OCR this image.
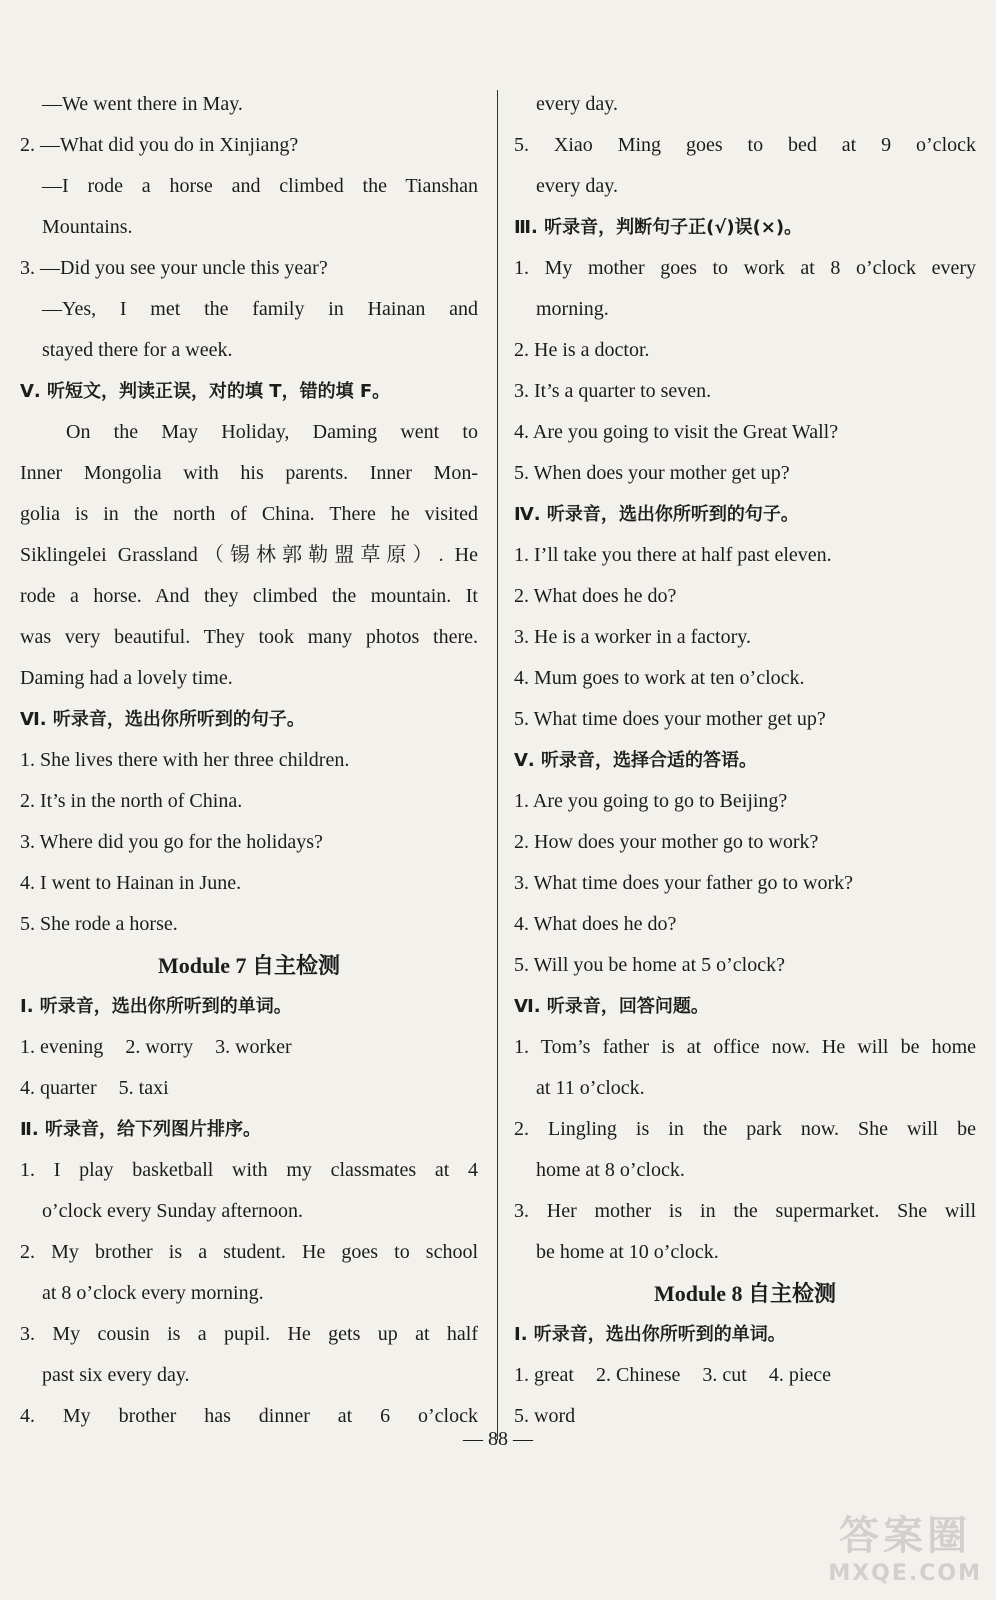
—We went there in May.
2. —What did you do in Xinjiang?
—I rode a horse and climbed the Tianshan
Mountains.
3. —Did you see your uncle this year?
—Yes, I met the family in Hainan and
stayed there for a week.
Ⅴ. 听短文，判读正误，对的填 T，错的填 F。
On the May Holiday, Daming went to
Inner Mongolia with his parents. Inner Mon-
golia is in the north of China. There he visited
Siklingelei Grassland（锡林郭勒盟草原）. He
rode a horse. And they climbed the mountain. It
was very beautiful. They took many photos there.
Daming had a lovely time.
Ⅵ. 听录音，选出你所听到的句子。
1. She lives there with her three children.
2. It’s in the north of China.
3. Where did you go for the holidays?
4. I went to Hainan in June.
5. She rode a horse.
Module 7 自主检测
Ⅰ. 听录音，选出你所听到的单词。
1. evening 2. worry 3. worker
4. quarter 5. taxi
Ⅱ. 听录音，给下列图片排序。
1. I play basketball with my classmates at 4
o’clock every Sunday afternoon.
2. My brother is a student. He goes to school
at 8 o’clock every morning.
3. My cousin is a pupil. He gets up at half
past six every day.
4. My brother has dinner at 6 o’clock
every day.
5. Xiao Ming goes to bed at 9 o’clock
every day.
Ⅲ. 听录音，判断句子正(√)误(×)。
1. My mother goes to work at 8 o’clock every
morning.
2. He is a doctor.
3. It’s a quarter to seven.
4. Are you going to visit the Great Wall?
5. When does your mother get up?
Ⅳ. 听录音，选出你所听到的句子。
1. I’ll take you there at half past eleven.
2. What does he do?
3. He is a worker in a factory.
4. Mum goes to work at ten o’clock.
5. What time does your mother get up?
Ⅴ. 听录音，选择合适的答语。
1. Are you going to go to Beijing?
2. How does your mother go to work?
3. What time does your father go to work?
4. What does he do?
5. Will you be home at 5 o’clock?
Ⅵ. 听录音，回答问题。
1. Tom’s father is at office now. He will be home
at 11 o’clock.
2. Lingling is in the park now. She will be
home at 8 o’clock.
3. Her mother is in the supermarket. She will
be home at 10 o’clock.
Module 8 自主检测
Ⅰ. 听录音，选出你所听到的单词。
1. great 2. Chinese 3. cut 4. piece
5. word
— 88 —
答案圈
MXQE.COM
